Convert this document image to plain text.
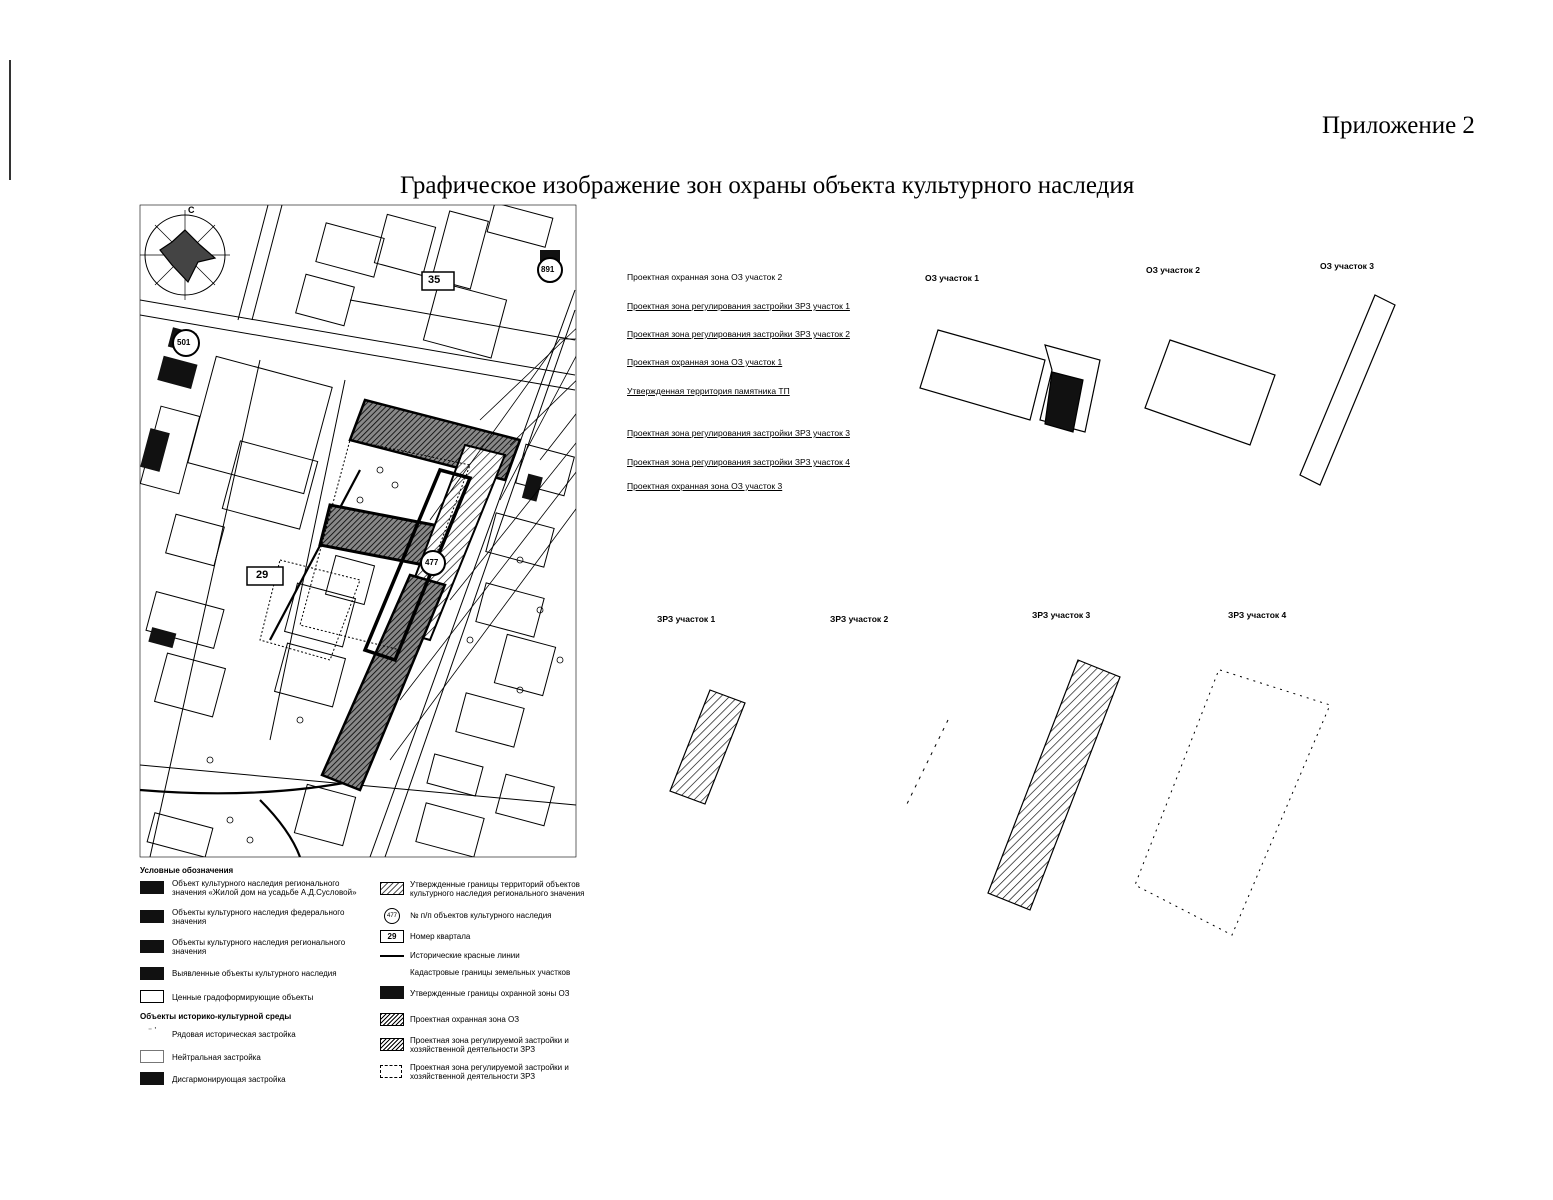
Приложение 2
Графическое изображение зон охраны объекта культурного наследия
35
29
891
501
477
С
Проектная охранная зона ОЗ участок 2
Проектная зона регулирования застройки ЗРЗ участок 1
Проектная зона регулирования застройки ЗРЗ участок 2
Проектная охранная зона ОЗ участок 1
Утвержденная территория памятника ТП
Проектная зона регулирования застройки ЗРЗ участок 3
Проектная зона регулирования застройки ЗРЗ участок 4
Проектная охранная зона ОЗ участок 3
ОЗ участок 1
ОЗ участок 2	ОЗ участок 3
ЗРЗ участок 1	ЗРЗ участок 2	ЗРЗ участок 3	ЗРЗ участок 4
Условные обозначения
Объект культурного наследия регионального значения «Жилой дом на усадьбе А.Д.Сусловой»
Объекты культурного наследия федерального значения
Объекты культурного наследия регионального значения
Выявленные объекты культурного наследия
Ценные градоформирующие объекты
Объекты историко-культурной среды
⁻ ' Рядовая историческая застройка
Нейтральная застройка
Дисгармонирующая застройка
Утвержденные границы территорий объектов культурного наследия регионального значения
477	№ п/п объектов культурного наследия
29	Номер квартала
Исторические красные линии
Кадастровые границы земельных участков
Утвержденные границы охранной зоны ОЗ
Проектная охранная зона ОЗ
Проектная зона регулируемой застройки и хозяйственной деятельности ЗРЗ
Проектная зона регулируемой застройки и хозяйственной деятельности ЗРЗ
